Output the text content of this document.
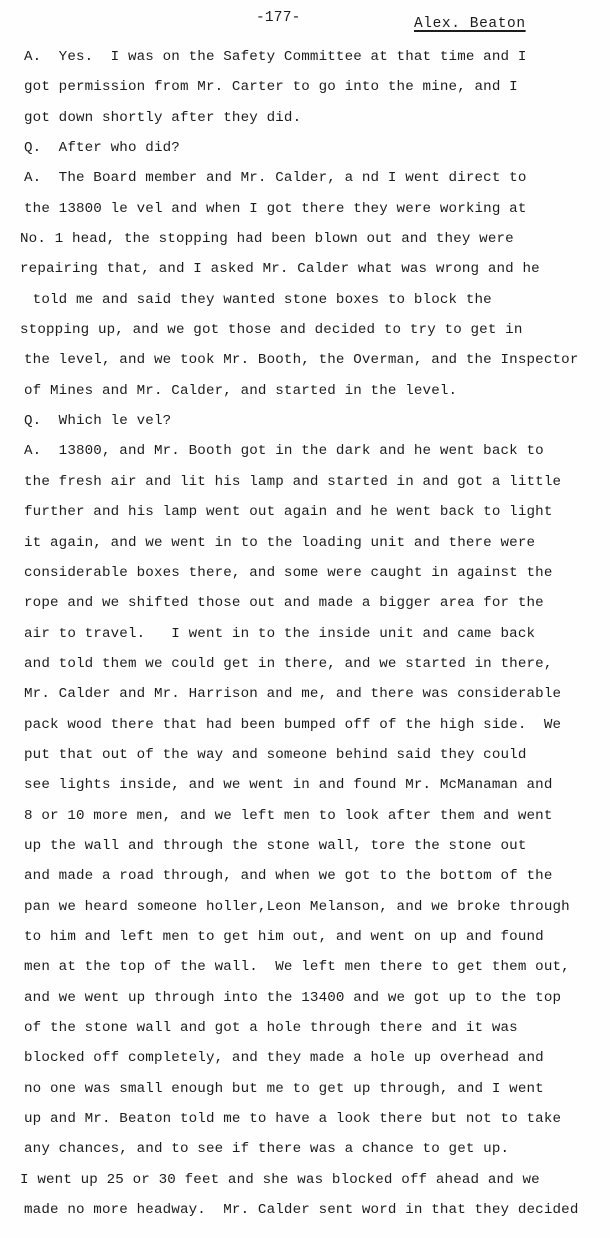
-177-	Alex. Beaton
A.  Yes.  I was on the Safety Committee at that time and I
got permission from Mr. Carter to go into the mine, and I
got down shortly after they did.
Q.  After who did?
A.  The Board member and Mr. Calder, a nd I went direct to
the 13800 le vel and when I got there they were working at
No. 1 head, the stopping had been blown out and they were
repairing that, and I asked Mr. Calder what was wrong and he
told me and said they wanted stone boxes to block the
stopping up, and we got those and decided to try to get in
the level, and we took Mr. Booth, the Overman, and the Inspector
of Mines and Mr. Calder, and started in the level.
Q.  Which le vel?
A.  13800, and Mr. Booth got in the dark and he went back to
the fresh air and lit his lamp and started in and got a little
further and his lamp went out again and he went back to light
it again, and we went in to the loading unit and there were
considerable boxes there, and some were caught in against the
rope and we shifted those out and made a bigger area for the
air to travel.   I went in to the inside unit and came back
and told them we could get in there, and we started in there,
Mr. Calder and Mr. Harrison and me, and there was considerable
pack wood there that had been bumped off of the high side.  We
put that out of the way and someone behind said they could
see lights inside, and we went in and found Mr. McManaman and
8 or 10 more men, and we left men to look after them and went
up the wall and through the stone wall, tore the stone out
and made a road through, and when we got to the bottom of the
pan we heard someone holler,Leon Melanson, and we broke through
to him and left men to get him out, and went on up and found
men at the top of the wall.  We left men there to get them out,
and we went up through into the 13400 and we got up to the top
of the stone wall and got a hole through there and it was
blocked off completely, and they made a hole up overhead and
no one was small enough but me to get up through, and I went
up and Mr. Beaton told me to have a look there but not to take
any chances, and to see if there was a chance to get up.
I went up 25 or 30 feet and she was blocked off ahead and we
made no more headway.  Mr. Calder sent word in that they decided
